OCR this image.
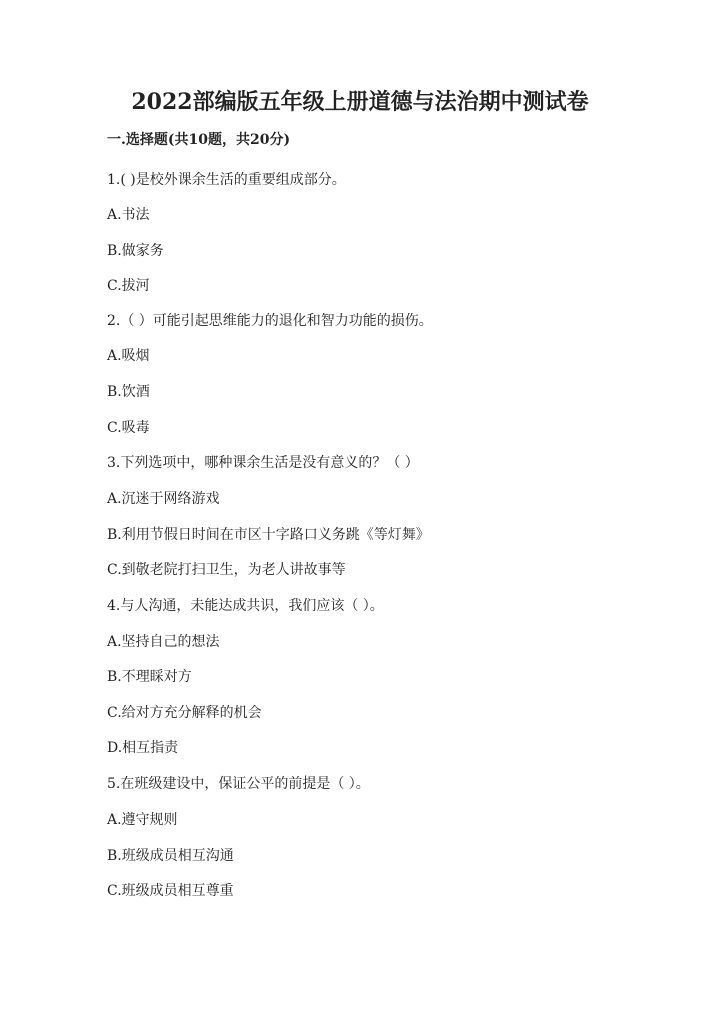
2022部编版五年级上册道德与法治期中测试卷
一.选择题(共10题，共20分)
1.( )是校外课余生活的重要组成部分。
A.书法
B.做家务
C.拔河
2.（ ）可能引起思维能力的退化和智力功能的损伤。
A.吸烟
B.饮酒
C.吸毒
3.下列选项中，哪种课余生活是没有意义的？（ ）
A.沉迷于网络游戏
B.利用节假日时间在市区十字路口义务跳《等灯舞》
C.到敬老院打扫卫生，为老人讲故事等
4.与人沟通，未能达成共识，我们应该（ ）。
A.坚持自己的想法
B.不理睬对方
C.给对方充分解释的机会
D.相互指责
5.在班级建设中，保证公平的前提是（ ）。
A.遵守规则
B.班级成员相互沟通
C.班级成员相互尊重
